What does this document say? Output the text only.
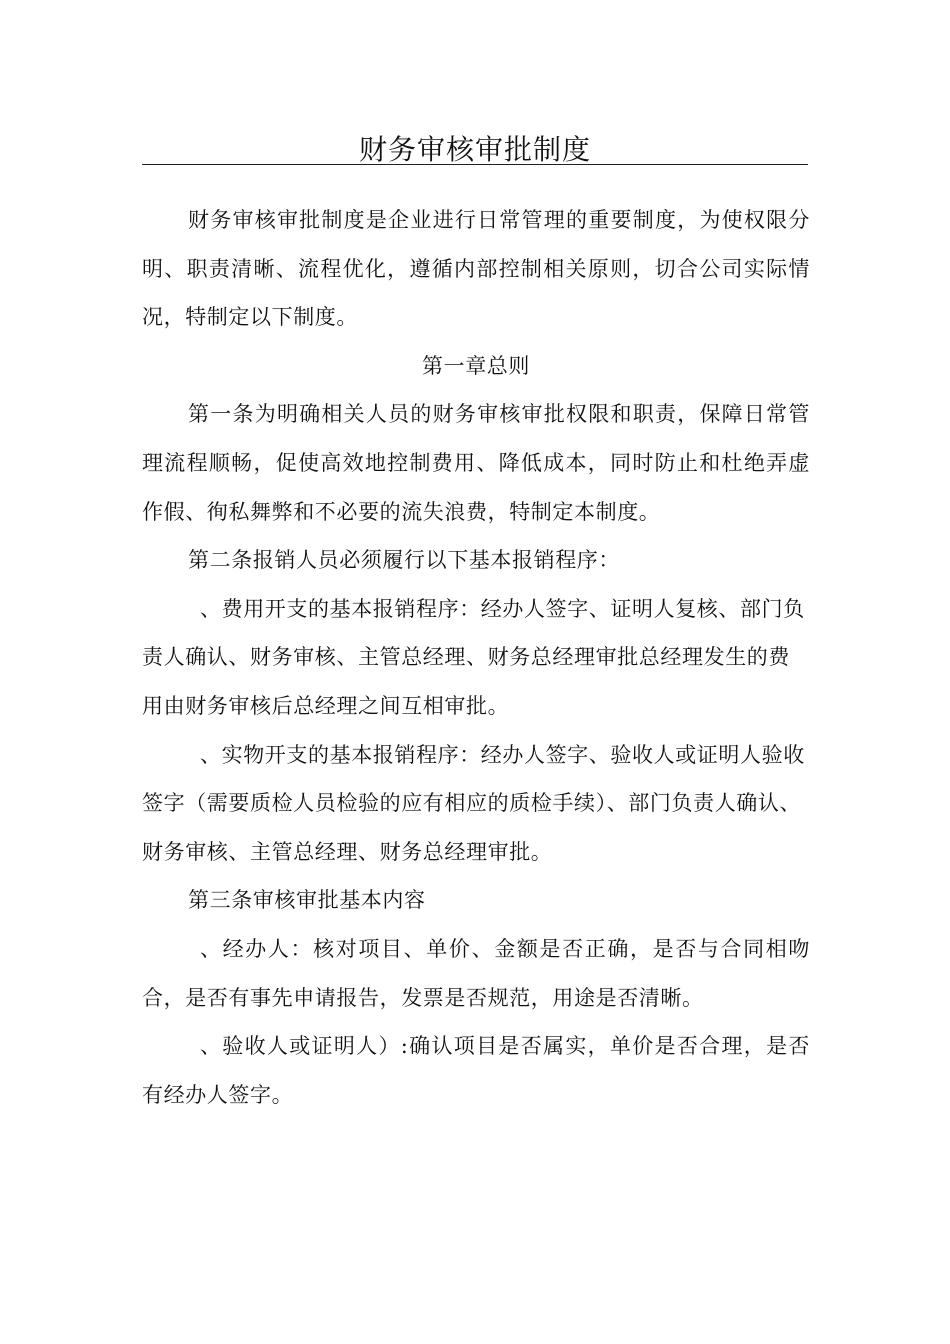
财务审核审批制度

财务审核审批制度是企业进行日常管理的重要制度，为使权限分明、职责清晰、流程优化，遵循内部控制相关原则，切合公司实际情况，特制定以下制度。

第一章总则

第一条为明确相关人员的财务审核审批权限和职责，保障日常管理流程顺畅，促使高效地控制费用、降低成本，同时防止和杜绝弄虚作假、徇私舞弊和不必要的流失浪费，特制定本制度。

第二条报销人员必须履行以下基本报销程序：

、费用开支的基本报销程序：经办人签字、证明人复核、部门负责人确认、财务审核、主管总经理、财务总经理审批总经理发生的费用由财务审核后总经理之间互相审批。

、实物开支的基本报销程序：经办人签字、验收人或证明人验收签字（需要质检人员检验的应有相应的质检手续）、部门负责人确认、财务审核、主管总经理、财务总经理审批。

第三条审核审批基本内容

、经办人：核对项目、单价、金额是否正确，是否与合同相吻合，是否有事先申请报告，发票是否规范，用途是否清晰。

、验收人或证明人）:确认项目是否属实，单价是否合理，是否有经办人签字。
